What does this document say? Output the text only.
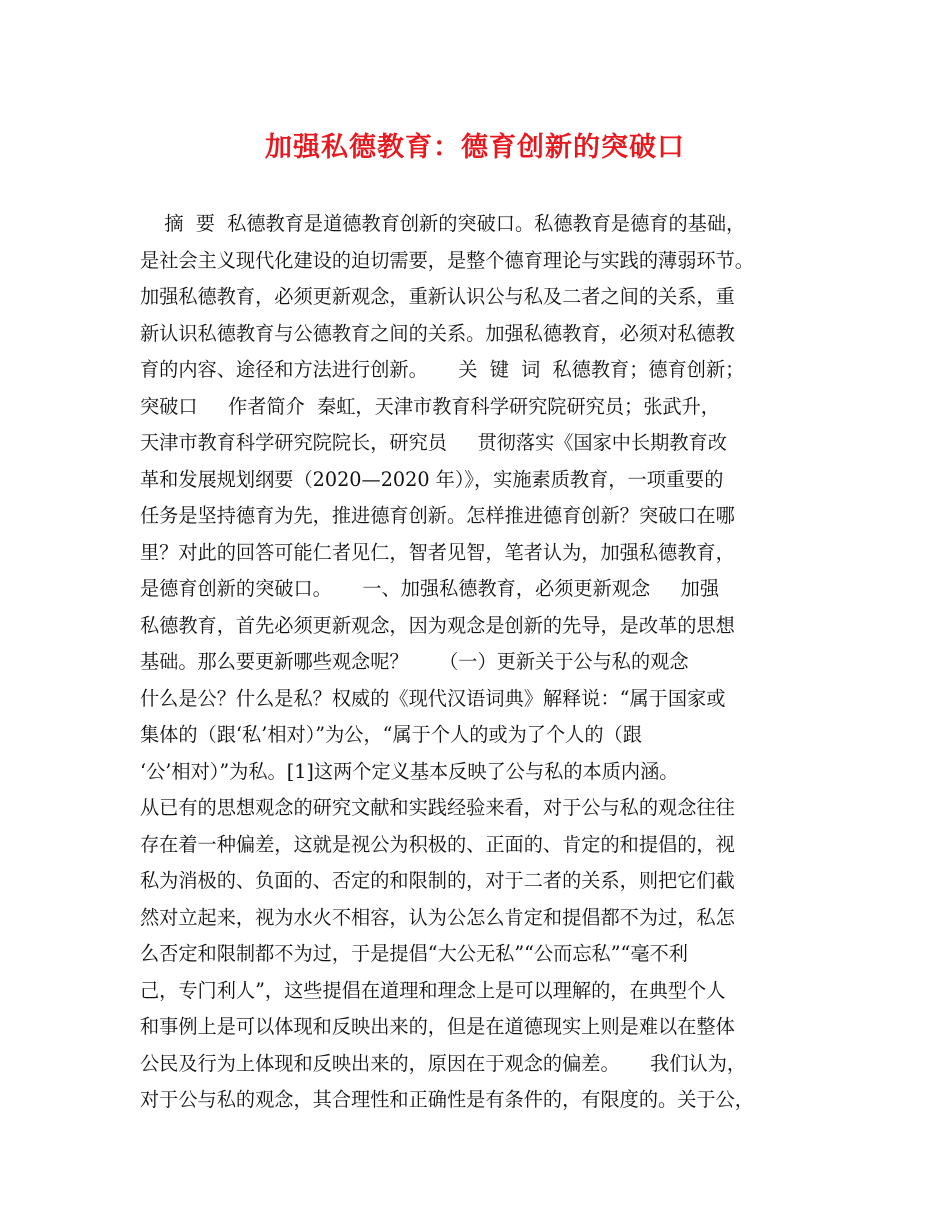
加强私德教育：德育创新的突破口
摘  要  私德教育是道德教育创新的突破口。私德教育是德育的基础，
是社会主义现代化建设的迫切需要，是整个德育理论与实践的薄弱环节。
加强私德教育，必须更新观念，重新认识公与私及二者之间的关系，重
新认识私德教育与公德教育之间的关系。加强私德教育，必须对私德教
育的内容、途径和方法进行创新。     关  键  词  私德教育；德育创新；
突破口     作者简介  秦虹，天津市教育科学研究院研究员；张武升，
天津市教育科学研究院院长，研究员     贯彻落实《国家中长期教育改
革和发展规划纲要（2020—2020 年）》，实施素质教育，一项重要的
任务是坚持德育为先，推进德育创新。怎样推进德育创新？突破口在哪
里？对此的回答可能仁者见仁，智者见智，笔者认为，加强私德教育，
是德育创新的突破口。     一、加强私德教育，必须更新观念     加强
私德教育，首先必须更新观念，因为观念是创新的先导，是改革的思想
基础。那么要更新哪些观念呢？     （一）更新关于公与私的观念
什么是公？什么是私？权威的《现代汉语词典》解释说：“属于国家或
集体的（跟‘私’相对）”为公，“属于个人的或为了个人的（跟
‘公’相对）”为私。[1]这两个定义基本反映了公与私的本质内涵。
从已有的思想观念的研究文献和实践经验来看，对于公与私的观念往往
存在着一种偏差，这就是视公为积极的、正面的、肯定的和提倡的，视
私为消极的、负面的、否定的和限制的，对于二者的关系，则把它们截
然对立起来，视为水火不相容，认为公怎么肯定和提倡都不为过，私怎
么否定和限制都不为过，于是提倡“大公无私”“公而忘私”“毫不利
己，专门利人”，这些提倡在道理和理念上是可以理解的，在典型个人
和事例上是可以体现和反映出来的，但是在道德现实上则是难以在整体
公民及行为上体现和反映出来的，原因在于观念的偏差。     我们认为，
对于公与私的观念，其合理性和正确性是有条件的，有限度的。关于公，
